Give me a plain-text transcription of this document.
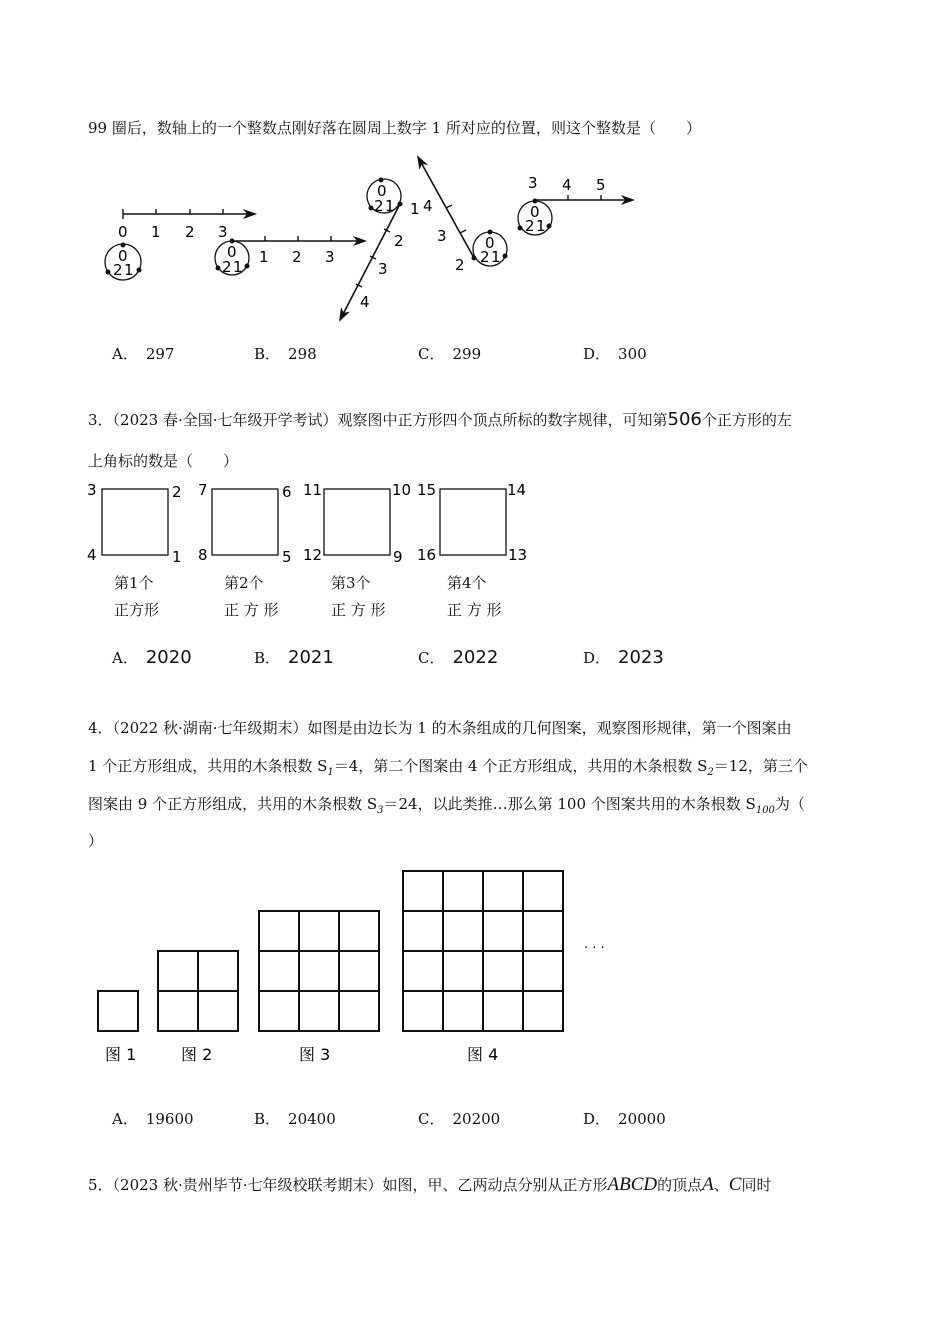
99 圈后，数轴上的一个整数点刚好落在圆周上数字 1 所对应的位置，则这个整数是（　　）
0 1 2 3
0
2 1
0
2 1
1 2 3
0
2 1 1
2
3
4
0
2 1
4
3
2
0
2 1
3 4 5
A． 297	B． 298	C． 299	D． 300
3．（2023 春·全国·七年级开学考试）观察图中正方形四个顶点所标的数字规律，可知第506个正方形的左
上角标的数是（　　）
3	2
4	1
7	6
8	5
11	10
12	9
15	14
16	13
第1个
正方形
第2个
正 方 形
第3个
正 方 形
第4个
正 方 形
A． 2020	B． 2021	C． 2022	D． 2023
4．（2022 秋·湖南·七年级期末）如图是由边长为 1 的木条组成的几何图案，观察图形规律，第一个图案由
1 个正方形组成，共用的木条根数 $S_1=4$，第二个图案由 4 个正方形组成，共用的木条根数 $S_2=12$，第三个
图案由 9 个正方形组成，共用的木条根数 $S_3=24$，以此类推…那么第 100 个图案共用的木条根数 $S_{100}$为（
）
· · ·
图 1	图 2	图 3	图 4
A． 19600	B． 20400	C． 20200	D． 20000
5．（2023 秋·贵州毕节·七年级校联考期末）如图，甲、乙两动点分别从正方形ABCD的顶点A、C同时
